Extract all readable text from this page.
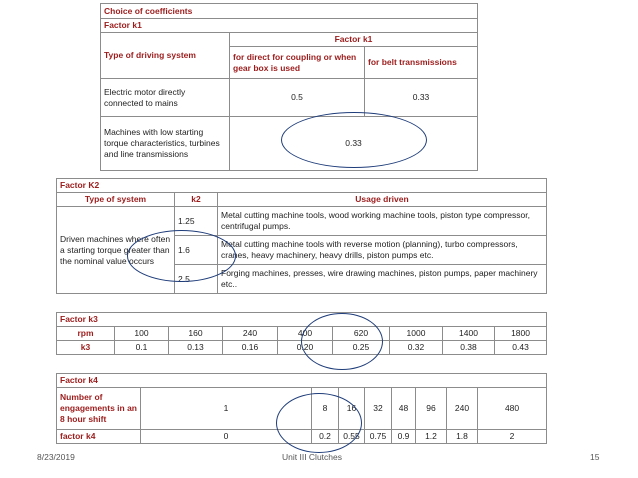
Choice of coefficients		
Factor k1		
Type of driving system	Factor k1	
	for direct for coupling or when gear box is used	for belt transmissions
Electric motor directly connected to mains	0.5	0.33
Machines with low starting torque characteristics, turbines and line transmissions	0.33	
Factor K2		
Type of system	k2	Usage driven
Driven machines where often a starting torque greater than the nominal value occurs	1.25	Metal cutting machine tools, wood working machine tools, piston type compressor, centrifugal pumps.
	1.6	Metal cutting machine tools with reverse motion (planning), turbo compressors, cranes, heavy machinery, heavy drills, piston pumps etc.
	2.5	Forging machines, presses, wire drawing machines, piston pumps, paper machinery etc..
Factor k3								
rpm	100	160	240	400	620	1000	1400	1800
k3	0.1	0.13	0.16	0.20	0.25	0.32	0.38	0.43
Factor k4								
Number of engagements in an 8 hour shift	1	8	16	32	48	96	240	480
factor k4	0	0.2	0.55	0.75	0.9	1.2	1.8	2
8/23/2019	Unit III Clutches	15
